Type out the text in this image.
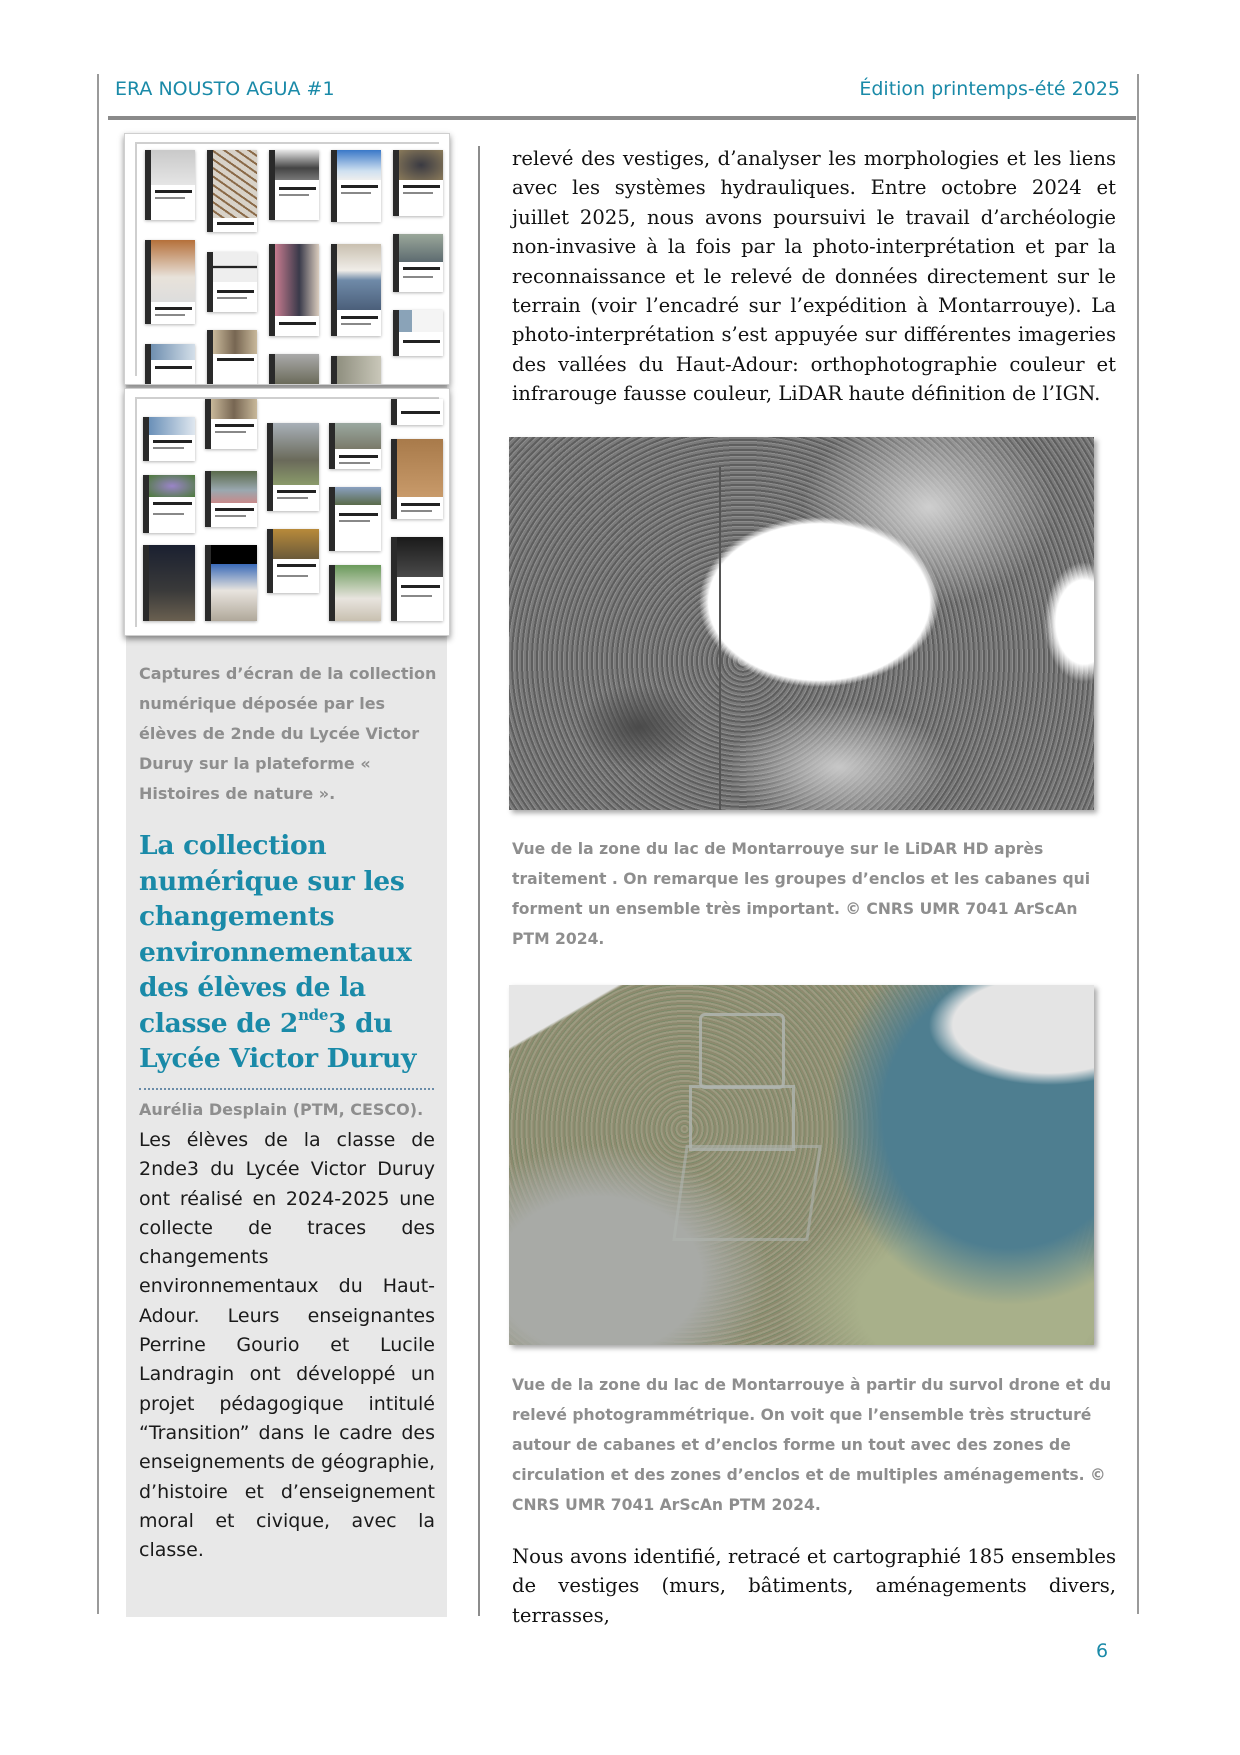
ERA NOUSTO AGUA #1	Édition printemps-été 2025
Captures d’écran de la collection numérique déposée par les élèves de 2nde du Lycée Victor Duruy sur la plateforme « Histoires de nature ».
La collection numérique sur les changements environnementaux des élèves de la classe de 2nde3 du Lycée Victor Duruy
Aurélia Desplain (PTM, CESCO).

Les élèves de la classe de 2nde3 du Lycée Victor Duruy ont réalisé en 2024-2025 une collecte de traces des changements environnementaux du Haut-Adour. Leurs enseignantes Perrine Gourio et Lucile Landragin ont développé un projet pédagogique intitulé “Transition” dans le cadre des enseignements de géographie, d’histoire et d’enseignement moral et civique, avec la classe.

relevé des vestiges, d’analyser les morphologies et les liens avec les systèmes hydrauliques. Entre octobre 2024 et juillet 2025, nous avons poursuivi le travail d’archéologie non-invasive à la fois par la photo-interprétation et par la reconnaissance et le relevé de données directement sur le terrain (voir l’encadré sur l’expédition à Montarrouye). La photo-interprétation s’est appuyée sur différentes imageries des vallées du Haut-Adour: orthophotographie couleur et infrarouge fausse couleur, LiDAR haute définition de l’IGN.

Vue de la zone du lac de Montarrouye sur le LiDAR HD après traitement . On remarque les groupes d’enclos et les cabanes qui forment un ensemble très important. © CNRS UMR 7041 ArScAn PTM 2024.
Vue de la zone du lac de Montarrouye à partir du survol drone et du relevé photogrammétrique. On voit que l’ensemble très structuré autour de cabanes et d’enclos forme un tout avec des zones de circulation et des zones d’enclos et de multiples aménagements. © CNRS UMR 7041 ArScAn PTM 2024.

Nous avons identifié, retracé et cartographié 185 ensembles de vestiges (murs, bâtiments, aménagements divers, terrasses,

6
